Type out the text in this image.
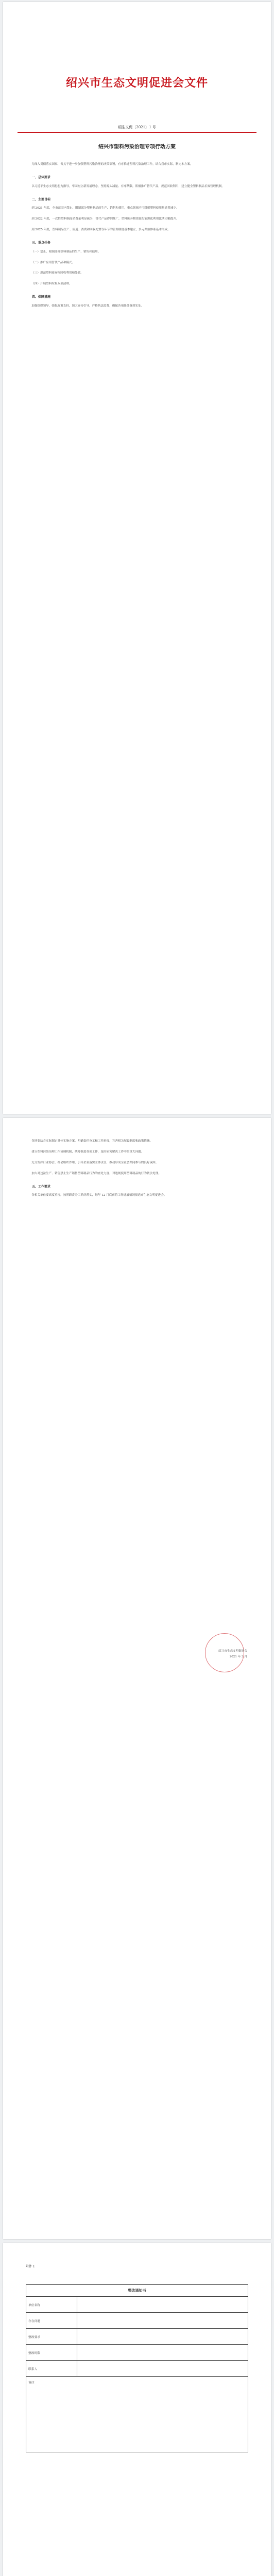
绍兴市生态文明促进会文件
绍生文促〔2021〕1 号
绍兴市塑料污染治理专项行动方案

为深入贯彻落实国家、省关于进一步加强塑料污染治理的决策部署，有序推进塑料污染治理工作，结合我市实际，制定本方案。

一、总体要求

以习近平生态文明思想为指导，牢固树立新发展理念，坚持源头减量、有序禁限，积极推广替代产品，规范回收利用，建立健全塑料制品长效管理机制。

二、主要目标

到 2021 年底，全市范围内禁止、限制部分塑料制品的生产、销售和使用，重点领域不可降解塑料使用量显著减少。

到 2022 年底，一次性塑料制品消费量明显减少，替代产品得到推广，塑料废弃物资源化能源化利用比例大幅提升。

到 2025 年底，塑料制品生产、流通、消费和回收处置等环节的管理制度基本建立，多元共治体系基本形成。

三、重点任务

（一）禁止、限制部分塑料制品的生产、销售和使用。

（二）推广应用替代产品和模式。

（三）规范塑料废弃物回收利用和处置。

（四）开展塑料垃圾专项清理。

四、保障措施

加强组织领导，强化政策支持，加大宣传引导，严格执法监督，确保各项任务落到实处。

各地要结合实际制定具体实施方案，明确责任分工和工作进度，完善相关配套制度和政策措施。

建立塑料污染治理工作协调机制，统筹推进各项工作，及时研究解决工作中的重大问题。

充分发挥行业协会、社会组织作用，引导企业落实主体责任，推动形成全社会共同参与的良好氛围。

加大对违法生产、销售禁止生产销售塑料制品行为的查处力度，对违规使用塑料制品的行为依法处理。

五、工作要求

各相关单位要高度重视，按照职责分工抓好落实，每年 12 月底前将工作进展情况报送市生态文明促进会。

绍兴市生态文明促进会
2021 年 3 月
附件 1
整改通知书	
单位名称	
存在问题	
整改要求	
整改时限	
联系人	
备注	
